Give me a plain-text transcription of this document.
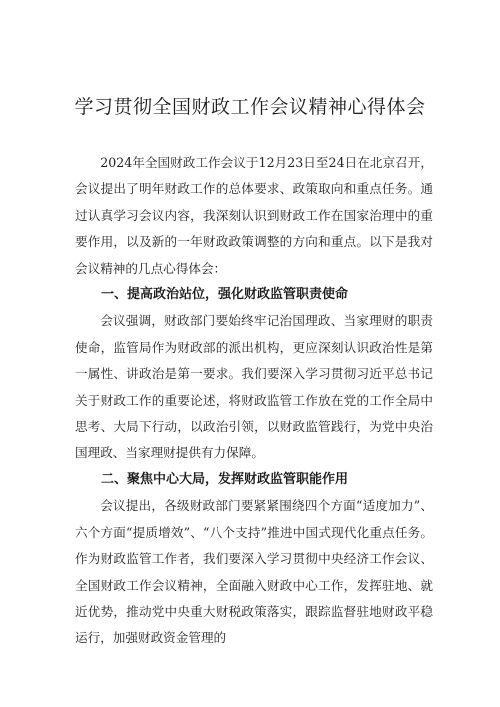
学习贯彻全国财政工作会议精神心得体会

2024年全国财政工作会议于12月23日至24日在北京召开，会议提出了明年财政工作的总体要求、政策取向和重点任务。通过认真学习会议内容，我深刻认识到财政工作在国家治理中的重要作用，以及新的一年财政政策调整的方向和重点。以下是我对会议精神的几点心得体会：

一、提高政治站位，强化财政监管职责使命

会议强调，财政部门要始终牢记治国理政、当家理财的职责使命，监管局作为财政部的派出机构，更应深刻认识政治性是第一属性、讲政治是第一要求。我们要深入学习贯彻习近平总书记关于财政工作的重要论述，将财政监管工作放在党的工作全局中思考、大局下行动，以政治引领，以财政监管践行，为党中央治国理政、当家理财提供有力保障。

二、聚焦中心大局，发挥财政监管职能作用

会议提出，各级财政部门要紧紧围绕四个方面“适度加力”、六个方面“提质增效”、“八个支持”推进中国式现代化重点任务。作为财政监管工作者，我们要深入学习贯彻中央经济工作会议、全国财政工作会议精神，全面融入财政中心工作，发挥驻地、就近优势，推动党中央重大财税政策落实，跟踪监督驻地财政平稳运行，加强财政资金管理的
